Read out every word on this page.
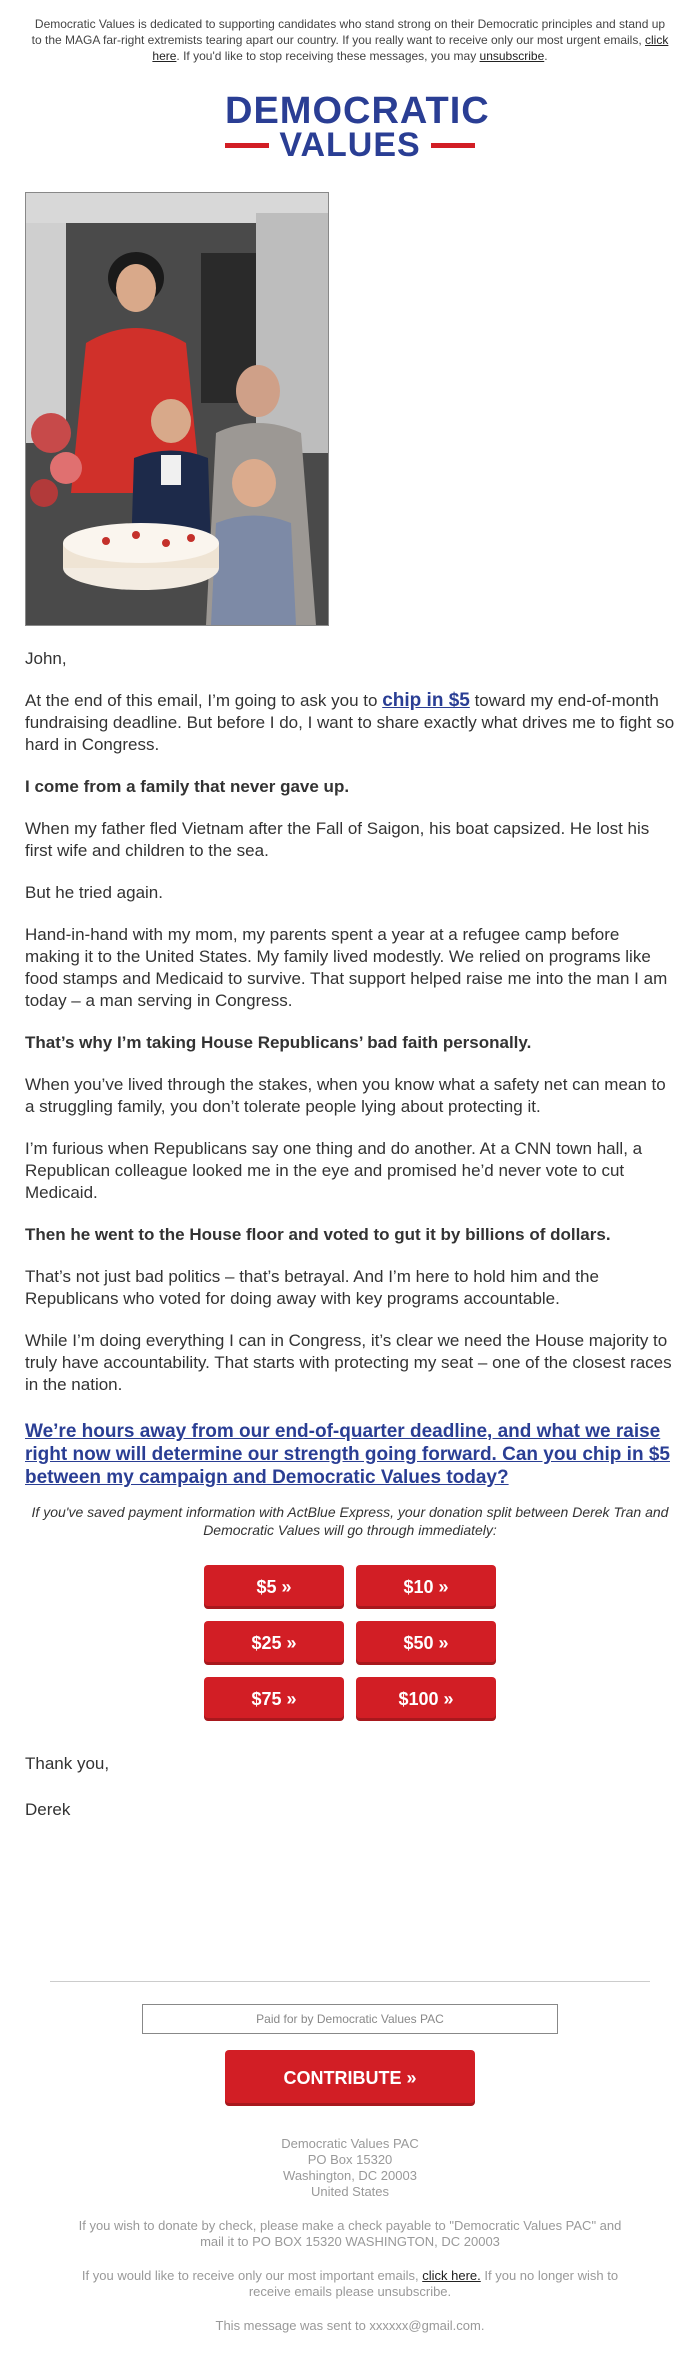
Democratic Values is dedicated to supporting candidates who stand strong on their Democratic principles and stand up to the MAGA far-right extremists tearing apart our country. If you really want to receive only our most urgent emails, click here. If you'd like to stop receiving these messages, you may unsubscribe.
DEMOCRATIC
VALUES

John,

At the end of this email, I’m going to ask you to chip in $5 toward my end-of-month fundraising deadline. But before I do, I want to share exactly what drives me to fight so hard in Congress.

I come from a family that never gave up.

When my father fled Vietnam after the Fall of Saigon, his boat capsized. He lost his first wife and children to the sea.

But he tried again.

Hand-in-hand with my mom, my parents spent a year at a refugee camp before making it to the United States. My family lived modestly. We relied on programs like food stamps and Medicaid to survive. That support helped raise me into the man I am today – a man serving in Congress.

That’s why I’m taking House Republicans’ bad faith personally.

When you’ve lived through the stakes, when you know what a safety net can mean to a struggling family, you don’t tolerate people lying about protecting it.

I’m furious when Republicans say one thing and do another. At a CNN town hall, a Republican colleague looked me in the eye and promised he’d never vote to cut Medicaid.

Then he went to the House floor and voted to gut it by billions of dollars.

That’s not just bad politics – that’s betrayal. And I’m here to hold him and the Republicans who voted for doing away with key programs accountable.

While I’m doing everything I can in Congress, it’s clear we need the House majority to truly have accountability. That starts with protecting my seat – one of the closest races in the nation.

We’re hours away from our end-of-quarter deadline, and what we raise right now will determine our strength going forward. Can you chip in $5 between my campaign and Democratic Values today?
If you've saved payment information with ActBlue Express, your donation split between Derek Tran and Democratic Values will go through immediately:
$5 »	$10 »
$25 »	$50 »
$75 »	$100 »

Thank you,

Derek

Paid for by Democratic Values PAC
CONTRIBUTE »
Democratic Values PAC
PO Box 15320
Washington, DC 20003
United States
If you wish to donate by check, please make a check payable to "Democratic Values PAC" and mail it to PO BOX 15320 WASHINGTON, DC 20003
If you would like to receive only our most important emails, click here. If you no longer wish to receive emails please unsubscribe.
This message was sent to xxxxxx@gmail.com.
